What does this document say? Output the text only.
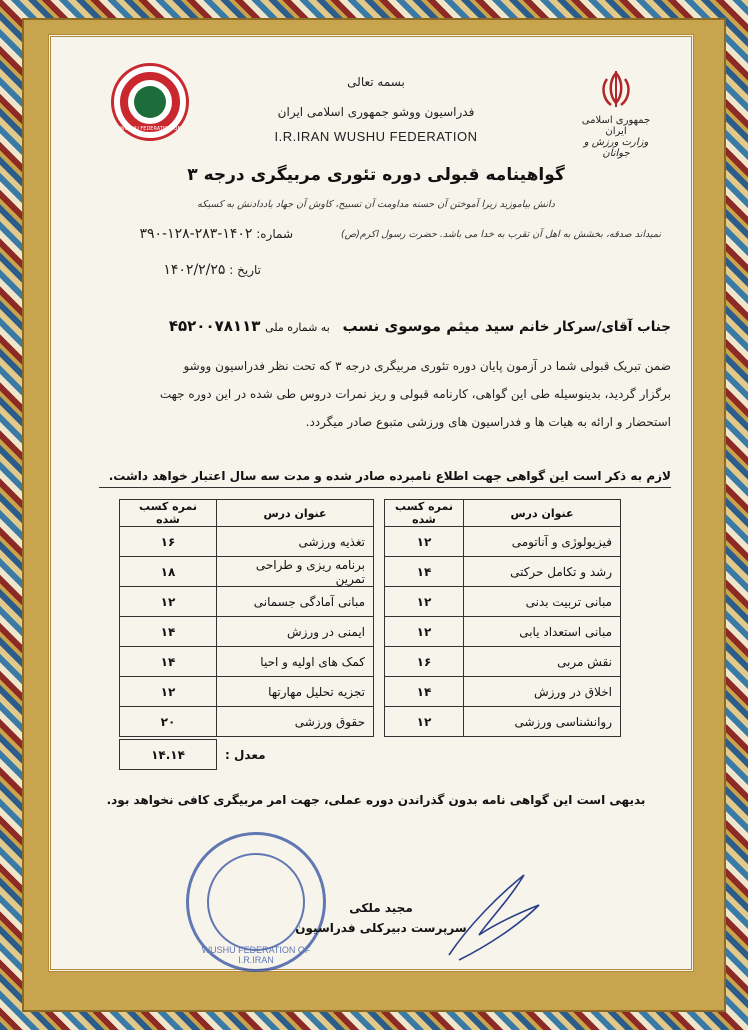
WUSHU FEDERATION OF I.R.IRAN
جمهوری اسلامی ایران
وزارت ورزش و جوانان
بسمه تعالی
فدراسیون ووشو جمهوری اسلامی ایران
I.R.IRAN WUSHU FEDERATION
گواهینامه قبولی دوره تئوری مربیگری درجه ۳
دانش بیاموزید زیرا آموختن آن حسنه مداومت آن تسبیح، کاوش آن جهاد یاددادنش به کسیکه
نمیداند صدقه، بخشش به اهل آن تقرب به خدا می باشد. حضرت رسول اکرم(ص)
شماره: ۱۴۰۲-۲۸۳-۱۲۸-۳۹۰
تاریخ : ۱۴۰۲/۲/۲۵
جناب آقای/سرکار خانم سید میثم موسوی نسب به شماره ملی ۴۵۲۰۰۷۸۱۱۳
ضمن تبریک قبولی شما در آزمون پایان دوره تئوری مربیگری درجه ۳ که تحت نظر فدراسیون ووشو
برگزار گردید، بدینوسیله طی این گواهی، کارنامه قبولی و ریز نمرات دروس طی شده در این دوره جهت
استحضار و ارائه به هیات ها و فدراسیون های ورزشی متبوع صادر میگردد.
لازم به ذکر است این گواهی جهت اطلاع نامبرده صادر شده و مدت سه سال اعتبار خواهد داشت.
عنوان درس	نمره کسب شده		عنوان درس	نمره کسب شده
فیزیولوژی و آناتومی	۱۲		تغذیه ورزشی	۱۶
رشد و تکامل حرکتی	۱۴		برنامه ریزی و طراحی تمرین	۱۸
مبانی تربیت بدنی	۱۲		مبانی آمادگی جسمانی	۱۲
مبانی استعداد یابی	۱۲		ایمنی در ورزش	۱۴
نقش مربی	۱۶		کمک های اولیه و احیا	۱۴
اخلاق در ورزش	۱۴		تجزیه تحلیل مهارتها	۱۲
روانشناسی ورزشی	۱۲		حقوق ورزشی	۲۰
	معدل :	۱۴.۱۴
بدیهی است این گواهی نامه بدون گذراندن دوره عملی، جهت امر مربیگری کافی نخواهد بود.
WUSHU FEDERATION OF I.R.IRAN
مجید ملکی
سرپرست دبیرکلی فدراسیون
